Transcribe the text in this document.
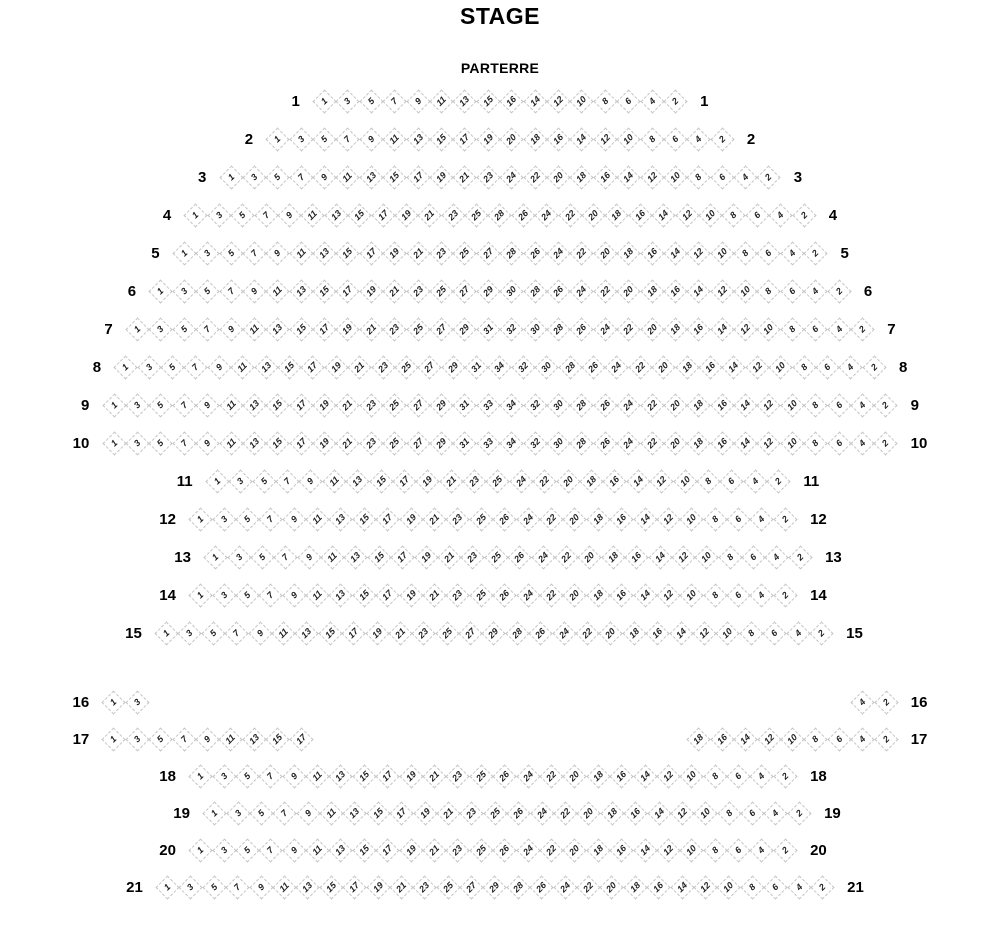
STAGE
PARTERRE
1 1 3 5 7 9 11 13 15 16 14 12 10 8 6 4 2 1
2 1 3 5 7 9 11 13 15 17 19 20 18 16 14 12 10 8 6 4 2 2
3 1 3 5 7 9 11 13 15 17 19 21 23 24 22 20 18 16 14 12 10 8 6 4 2 3
4 1 3 5 7 9 11 13 15 17 19 21 23 25 28 26 24 22 20 18 16 14 12 10 8 6 4 2 4
5 1 3 5 7 9 11 13 15 17 19 21 23 25 27 28 26 24 22 20 18 16 14 12 10 8 6 4 2 5
6 1 3 5 7 9 11 13 15 17 19 21 23 25 27 29 30 28 26 24 22 20 18 16 14 12 10 8 6 4 2 6
7 1 3 5 7 9 11 13 15 17 19 21 23 25 27 29 31 32 30 28 26 24 22 20 18 16 14 12 10 8 6 4 2 7
8 1 3 5 7 9 11 13 15 17 19 21 23 25 27 29 31 34 32 30 28 26 24 22 20 18 16 14 12 10 8 6 4 2 8
9 1 3 5 7 9 11 13 15 17 19 21 23 25 27 29 31 33 34 32 30 28 26 24 22 20 18 16 14 12 10 8 6 4 2 9
10 1 3 5 7 9 11 13 15 17 19 21 23 25 27 29 31 33 34 32 30 28 26 24 22 20 18 16 14 12 10 8 6 4 2 10
11 1 3 5 7 9 11 13 15 17 19 21 23 25 24 22 20 18 16 14 12 10 8 6 4 2 11
12 1 3 5 7 9 11 13 15 17 19 21 23 25 26 24 22 20 18 16 14 12 10 8 6 4 2 12
13 1 3 5 7 9 11 13 15 17 19 21 23 25 26 24 22 20 18 16 14 12 10 8 6 4 2 13
14 1 3 5 7 9 11 13 15 17 19 21 23 25 26 24 22 20 18 16 14 12 10 8 6 4 2 14
15 1 3 5 7 9 11 13 15 17 19 21 23 25 27 29 28 26 24 22 20 18 16 14 12 10 8 6 4 2 15
16 1 3	4 2 16
17 1 3 5 7 9 11 13 15 17	18 16 14 12 10 8 6 4 2 17
18 1 3 5 7 9 11 13 15 17 19 21 23 25 26 24 22 20 18 16 14 12 10 8 6 4 2 18
19 1 3 5 7 9 11 13 15 17 19 21 23 25 26 24 22 20 18 16 14 12 10 8 6 4 2 19
20 1 3 5 7 9 11 13 15 17 19 21 23 25 26 24 22 20 18 16 14 12 10 8 6 4 2 20
21 1 3 5 7 9 11 13 15 17 19 21 23 25 27 29 28 26 24 22 20 18 16 14 12 10 8 6 4 2 21
